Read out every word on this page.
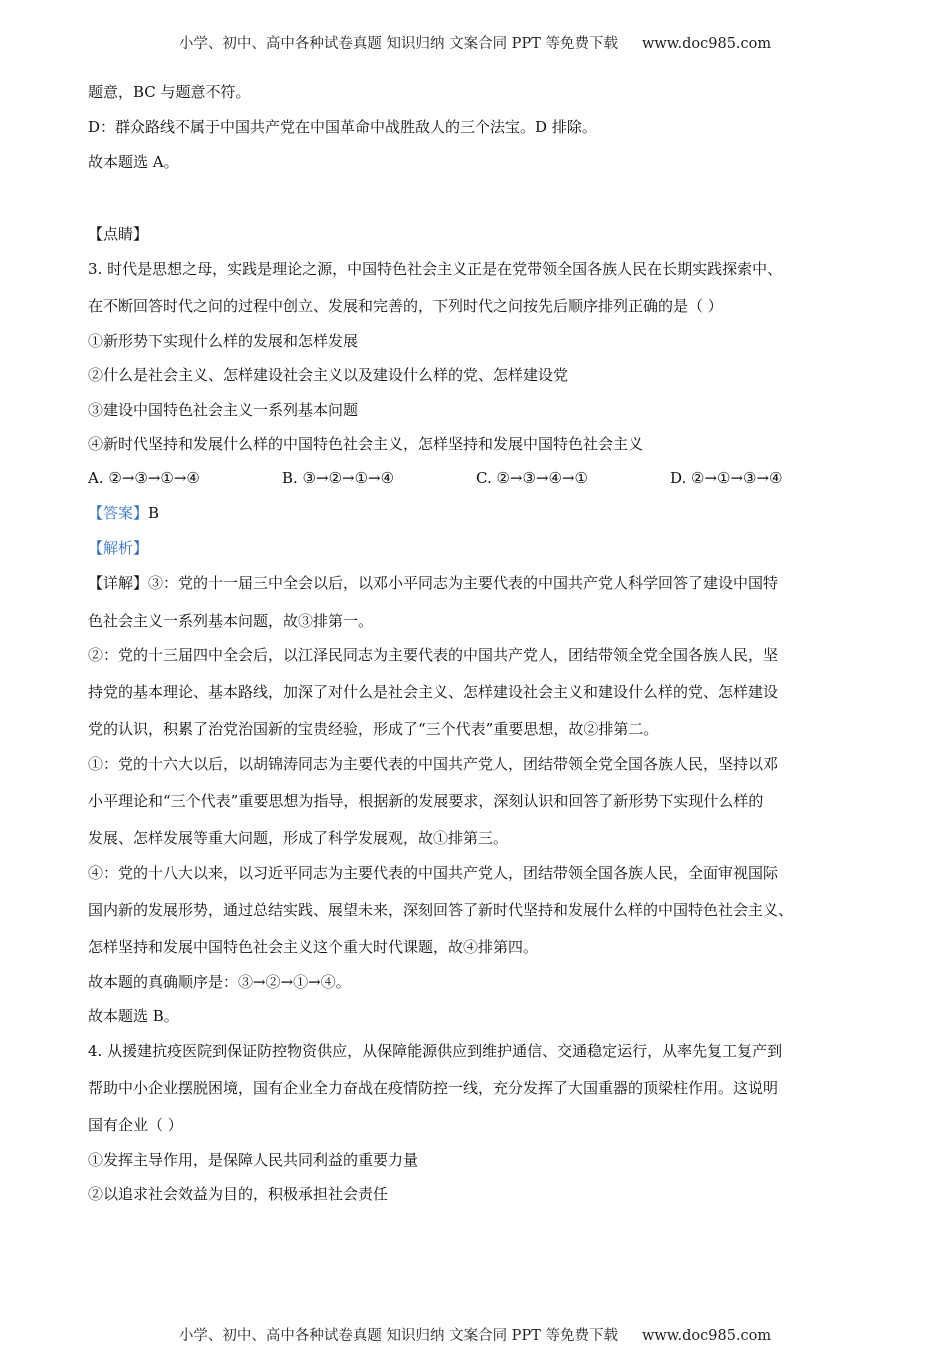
小学、初中、高中各种试卷真题 知识归纳 文案合同 PPT 等免费下载 www.doc985.com
题意，BC 与题意不符。
D：群众路线不属于中国共产党在中国革命中战胜敌人的三个法宝。D 排除。
故本题选 A。
【点睛】
3. 时代是思想之母，实践是理论之源，中国特色社会主义正是在党带领全国各族人民在长期实践探索中、
在不断回答时代之问的过程中创立、发展和完善的，下列时代之问按先后顺序排列正确的是（ ）
①新形势下实现什么样的发展和怎样发展
②什么是社会主义、怎样建设社会主义以及建设什么样的党、怎样建设党
③建设中国特色社会主义一系列基本问题
④新时代坚持和发展什么样的中国特色社会主义，怎样坚持和发展中国特色社会主义
A. ②→③→①→④	B. ③→②→①→④	C. ②→③→④→①	D. ②→①→③→④
【答案】B
【解析】
【详解】③：党的十一届三中全会以后，以邓小平同志为主要代表的中国共产党人科学回答了建设中国特
色社会主义一系列基本问题，故③排第一。
②：党的十三届四中全会后，以江泽民同志为主要代表的中国共产党人，团结带领全党全国各族人民，坚
持党的基本理论、基本路线，加深了对什么是社会主义、怎样建设社会主义和建设什么样的党、怎样建设
党的认识，积累了治党治国新的宝贵经验，形成了“三个代表”重要思想，故②排第二。
①：党的十六大以后，以胡锦涛同志为主要代表的中国共产党人，团结带领全党全国各族人民，坚持以邓
小平理论和“三个代表”重要思想为指导，根据新的发展要求，深刻认识和回答了新形势下实现什么样的
发展、怎样发展等重大问题，形成了科学发展观，故①排第三。
④：党的十八大以来，以习近平同志为主要代表的中国共产党人，团结带领全国各族人民，全面审视国际
国内新的发展形势，通过总结实践、展望未来，深刻回答了新时代坚持和发展什么样的中国特色社会主义、
怎样坚持和发展中国特色社会主义这个重大时代课题，故④排第四。
故本题的真确顺序是：③→②→①→④。
故本题选 B。
4. 从援建抗疫医院到保证防控物资供应，从保障能源供应到维护通信、交通稳定运行，从率先复工复产到
帮助中小企业摆脱困境，国有企业全力奋战在疫情防控一线，充分发挥了大国重器的顶梁柱作用。这说明
国有企业（ ）
①发挥主导作用，是保障人民共同利益的重要力量
②以追求社会效益为目的，积极承担社会责任
小学、初中、高中各种试卷真题 知识归纳 文案合同 PPT 等免费下载 www.doc985.com
